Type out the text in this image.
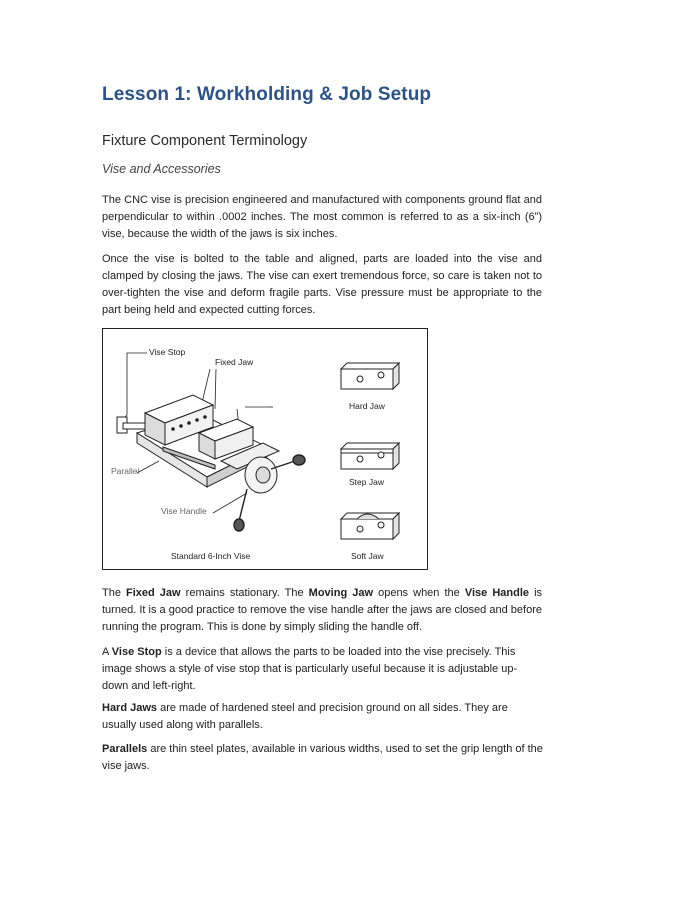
Lesson 1: Workholding & Job Setup
Fixture Component Terminology
Vise and Accessories

The CNC vise is precision engineered and manufactured with components ground flat and perpendicular to within .0002 inches. The most common is referred to as a six-inch (6”) vise, because the width of the jaws is six inches.

Once the vise is bolted to the table and aligned, parts are loaded into the vise and clamped by closing the jaws. The vise can exert tremendous force, so care is taken not to over-tighten the vise and deform fragile parts. Vise pressure must be appropriate to the part being held and expected cutting forces.

Vise Stop
Fixed Jaw
Parallel
Vise Handle
Standard 6-Inch Vise
Hard Jaw
Step Jaw
Soft Jaw

The Fixed Jaw remains stationary. The Moving Jaw opens when the Vise Handle is turned. It is a good practice to remove the vise handle after the jaws are closed and before running the program. This is done by simply sliding the handle off.

A Vise Stop is a device that allows the parts to be loaded into the vise precisely. This image shows a style of vise stop that is particularly useful because it is adjustable up-down and left-right.

Hard Jaws are made of hardened steel and precision ground on all sides. They are usually used along with parallels.

Parallels are thin steel plates, available in various widths, used to set the grip length of the vise jaws.
